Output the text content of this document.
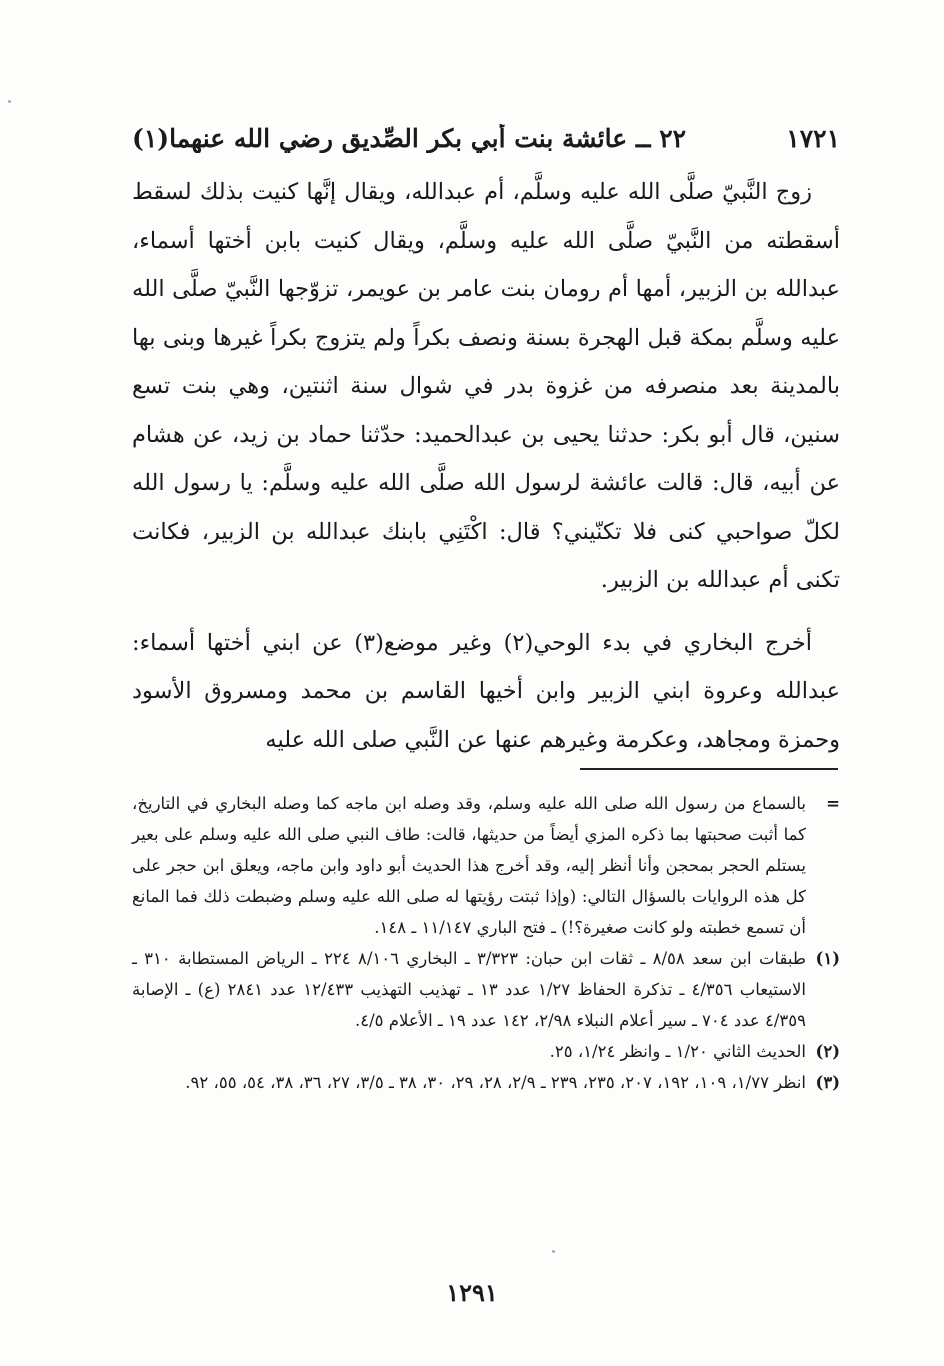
١٧٢١
٢٢ ــ عائشة بنت أبي بكر الصِّديق رضي الله عنهما(١)

زوج النَّبيّ صلَّى الله عليه وسلَّم، أم عبدالله، ويقال إنَّها كنيت بذلك لسقط أسقطته من النَّبيّ صلَّى الله عليه وسلَّم، ويقال كنيت بابن أختها أسماء، عبدالله بن الزبير، أمها أم رومان بنت عامر بن عويمر، تزوّجها النَّبيّ صلَّى الله عليه وسلَّم بمكة قبل الهجرة بسنة ونصف بكراً ولم يتزوج بكراً غيرها وبنى بها بالمدينة بعد منصرفه من غزوة بدر في شوال سنة اثنتين، وهي بنت تسع سنين، قال أبو بكر: حدثنا يحيى بن عبدالحميد: حدّثنا حماد بن زيد، عن هشام عن أبيه، قال: قالت عائشة لرسول الله صلَّى الله عليه وسلَّم: يا رسول الله لكلّ صواحبي كنى فلا تكنّيني؟ قال: اكْتَنِي بابنك عبدالله بن الزبير، فكانت تكنى أم عبدالله بن الزبير.

أخرج البخاري في بدء الوحي(٢) وغير موضع(٣) عن ابني أختها أسماء: عبدالله وعروة ابني الزبير وابن أخيها القاسم بن محمد ومسروق الأسود وحمزة ومجاهد، وعكرمة وغيرهم عنها عن النَّبي صلى الله عليه

=
بالسماع من رسول الله صلى الله عليه وسلم، وقد وصله ابن ماجه كما وصله البخاري في التاريخ، كما أثبت صحبتها بما ذكره المزي أيضاً من حديثها، قالت: طاف النبي صلى الله عليه وسلم على بعير يستلم الحجر بمحجن وأنا أنظر إليه، وقد أخرج هذا الحديث أبو داود وابن ماجه، ويعلق ابن حجر على كل هذه الروايات بالسؤال التالي: (وإذا ثبتت رؤيتها له صلى الله عليه وسلم وضبطت ذلك فما المانع أن تسمع خطبته ولو كانت صغيرة؟!) ـ فتح الباري ١١/١٤٧ ـ ١٤٨.
(١)
طبقات ابن سعد ٨/٥٨ ـ ثقات ابن حبان: ٣/٣٢٣ ـ البخاري ٨/١٠٦ ٢٢٤ ـ الرياض المستطابة ٣١٠ ـ الاستيعاب ٤/٣٥٦ ـ تذكرة الحفاظ ١/٢٧ عدد ١٣ ـ تهذيب التهذيب ١٢/٤٣٣ عدد ٢٨٤١ (ع) ـ الإصابة ٤/٣٥٩ عدد ٧٠٤ ـ سير أعلام النبلاء ٢/٩٨، ١٤٢ عدد ١٩ ـ الأعلام ٤/٥.
(٢)
الحديث الثاني ١/٢٠ ـ وانظر ١/٢٤، ٢٥.
(٣)
انظر ١/٧٧، ١٠٩، ١٩٢، ٢٠٧، ٢٣٥، ٢٣٩ ـ ٢/٩، ٢٨، ٢٩، ٣٠، ٣٨ ـ ٣/٥، ٢٧، ٣٦، ٣٨، ٥٤، ٥٥، ٩٢.
١٢٩١
